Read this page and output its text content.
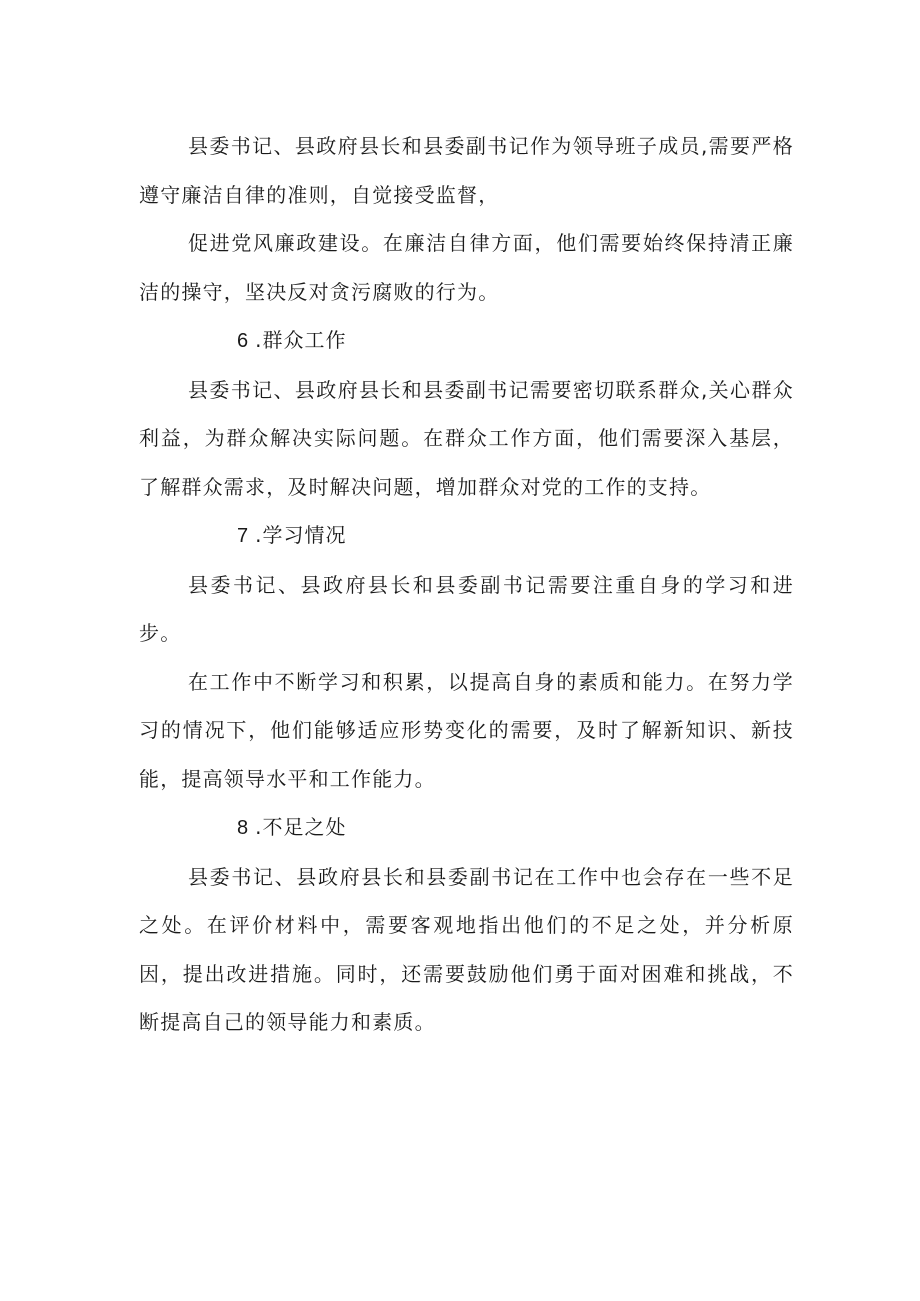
县委书记、县政府县长和县委副书记作为领导班子成员,需要严格遵守廉洁自律的准则，自觉接受监督，

促进党风廉政建设。在廉洁自律方面，他们需要始终保持清正廉洁的操守，坚决反对贪污腐败的行为。

6 .群众工作

县委书记、县政府县长和县委副书记需要密切联系群众,关心群众利益，为群众解决实际问题。在群众工作方面，他们需要深入基层，了解群众需求，及时解决问题，增加群众对党的工作的支持。

7 .学习情况

县委书记、县政府县长和县委副书记需要注重自身的学习和进步。

在工作中不断学习和积累，以提高自身的素质和能力。在努力学习的情况下，他们能够适应形势变化的需要，及时了解新知识、新技能，提高领导水平和工作能力。

8 .不足之处

县委书记、县政府县长和县委副书记在工作中也会存在一些不足之处。在评价材料中，需要客观地指出他们的不足之处，并分析原因，提出改进措施。同时，还需要鼓励他们勇于面对困难和挑战，不断提高自己的领导能力和素质。
